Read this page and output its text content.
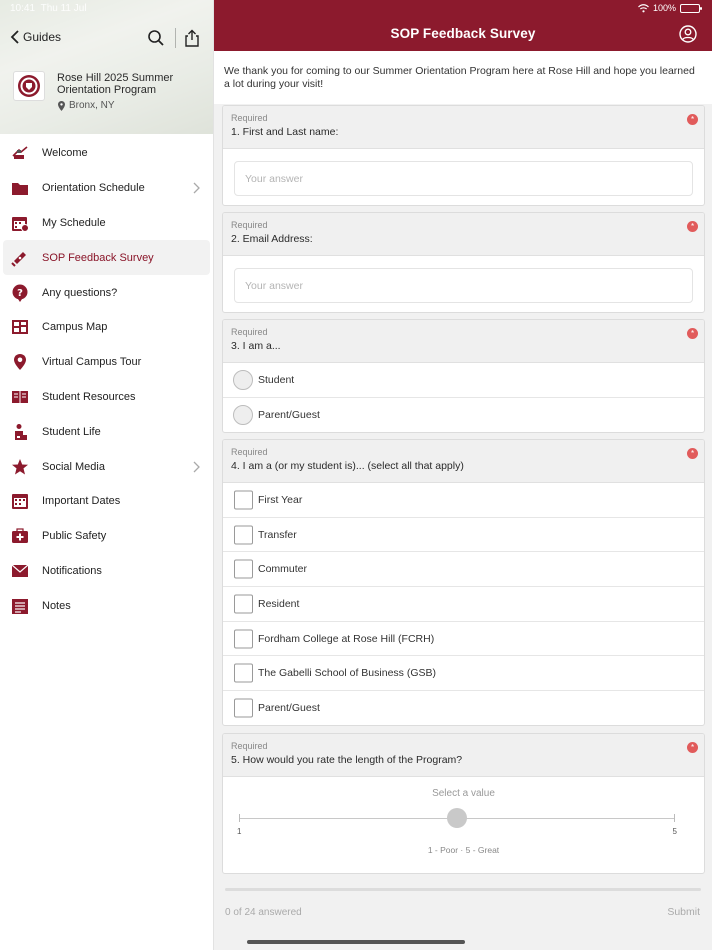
10:41 Thu 11 Jul
Guides
Rose Hill 2025 Summer Orientation Program
Bronx, NY
Welcome
Orientation Schedule
My Schedule
SOP Feedback Survey
? Any questions?
Campus Map
Virtual Campus Tour
Student Resources
Student Life
Social Media
Important Dates
Public Safety
Notifications
Notes
100%
SOP Feedback Survey
We thank you for coming to our Summer Orientation Program here at Rose Hill and hope you learned a lot during your visit!
Required
1. First and Last name:
*
Your answer
Required
2. Email Address:
*
Your answer
Required
3. I am a...
*
Student
Parent/Guest
Required
4. I am a (or my student is)... (select all that apply)
*
First Year
Transfer
Commuter
Resident
Fordham College at Rose Hill (FCRH)
The Gabelli School of Business (GSB)
Parent/Guest
Required
5. How would you rate the length of the Program?
*
Select a value
1	5
1 - Poor · 5 - Great
0 of 24 answered	Submit
